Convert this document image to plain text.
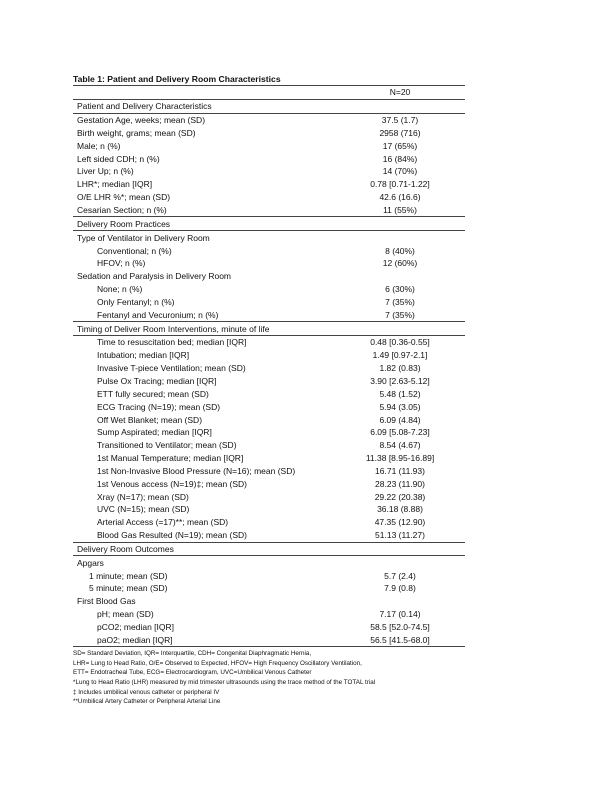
Table 1: Patient and Delivery Room Characteristics
N=20
Patient and Delivery Characteristics
Gestation Age, weeks; mean (SD)	37.5 (1.7)
Birth weight, grams; mean (SD)	2958 (716)
Male; n (%)	17 (65%)
Left sided CDH; n (%)	16 (84%)
Liver Up; n (%)	14 (70%)
LHR*; median [IQR]	0.78 [0.71-1.22]
O/E LHR %*; mean (SD)	42.6 (16.6)
Cesarian Section; n (%)	11 (55%)
Delivery Room Practices
Type of Ventilator in Delivery Room
Conventional; n (%)	8 (40%)
HFOV; n (%)	12 (60%)
Sedation and Paralysis in Delivery Room
None; n (%)	6 (30%)
Only Fentanyl; n (%)	7 (35%)
Fentanyl and Vecuronium; n (%)	7 (35%)
Timing of Deliver Room Interventions, minute of life
Time to resuscitation bed; median [IQR]	0.48 [0.36-0.55]
Intubation; median [IQR]	1.49 [0.97-2.1]
Invasive T-piece Ventilation; mean (SD)	1.82 (0.83)
Pulse Ox Tracing; median [IQR]	3.90 [2.63-5.12]
ETT fully secured; mean (SD)	5.48 (1.52)
ECG Tracing (N=19); mean (SD)	5.94 (3.05)
Off Wet Blanket; mean (SD)	6.09 (4.84)
Sump Aspirated; median [IQR]	6.09 [5.08-7.23]
Transitioned to Ventilator; mean (SD)	8.54 (4.67)
1st Manual Temperature; median [IQR]	11.38 [8.95-16.89]
1st Non-Invasive Blood Pressure (N=16); mean (SD)	16.71 (11.93)
1st Venous access (N=19)‡; mean (SD)	28.23 (11.90)
Xray (N=17); mean (SD)	29.22 (20.38)
UVC (N=15); mean (SD)	36.18 (8.88)
Arterial Access (=17)**; mean (SD)	47.35 (12.90)
Blood Gas Resulted (N=19); mean (SD)	51.13 (11.27)
Delivery Room Outcomes
Apgars
1 minute; mean (SD)	5.7 (2.4)
5 minute; mean (SD)	7.9 (0.8)
First Blood Gas
pH; mean (SD)	7.17 (0.14)
pCO2; median [IQR]	58.5 [52.0-74.5]
paO2; median [IQR]	56.5 [41.5-68.0]
SD= Standard Deviation, IQR= Interquartile, CDH= Congenital Diaphragmatic Hernia,
LHR= Lung to Head Ratio, O/E= Observed to Expected, HFOV= High Frequency Oscillatory Ventilation,
ETT= Endotracheal Tube, ECG= Electrocardiogram, UVC=Umbilical Venous Catheter
*Lung to Head Ratio (LHR) measured by mid trimester ultrasounds using the trace method of the TOTAL trial
‡ Includes umbilical venous catheter or peripheral IV
**Umbilical Artery Catheter or Peripheral Arterial Line
